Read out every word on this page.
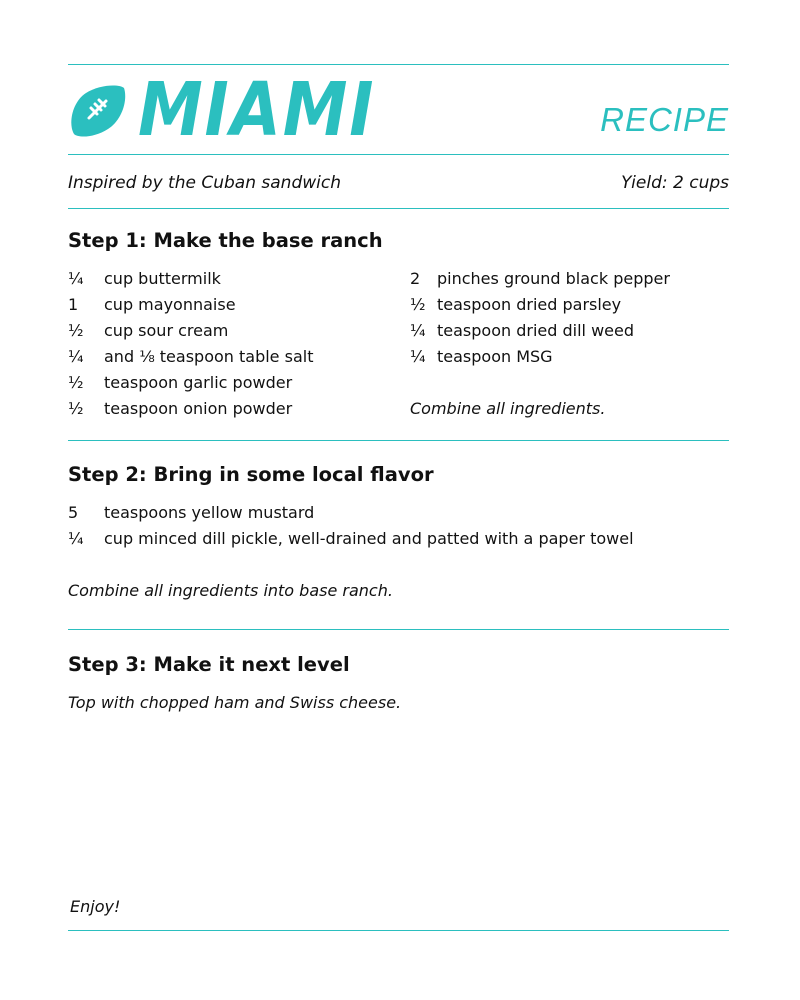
MIAMI	RECIPE
Inspired by the Cuban sandwich	Yield: 2 cups
Step 1: Make the base ranch
¼ cup buttermilk
1 cup mayonnaise
½ cup sour cream
¼ and ⅛ teaspoon table salt
½ teaspoon garlic powder
½ teaspoon onion powder
2 pinches ground black pepper
½ teaspoon dried parsley
¼ teaspoon dried dill weed
¼ teaspoon MSG
Combine all ingredients.
Step 2: Bring in some local flavor
5 teaspoons yellow mustard
¼ cup minced dill pickle, well-drained and patted with a paper towel
Combine all ingredients into base ranch.
Step 3: Make it next level
Top with chopped ham and Swiss cheese.
Enjoy!
